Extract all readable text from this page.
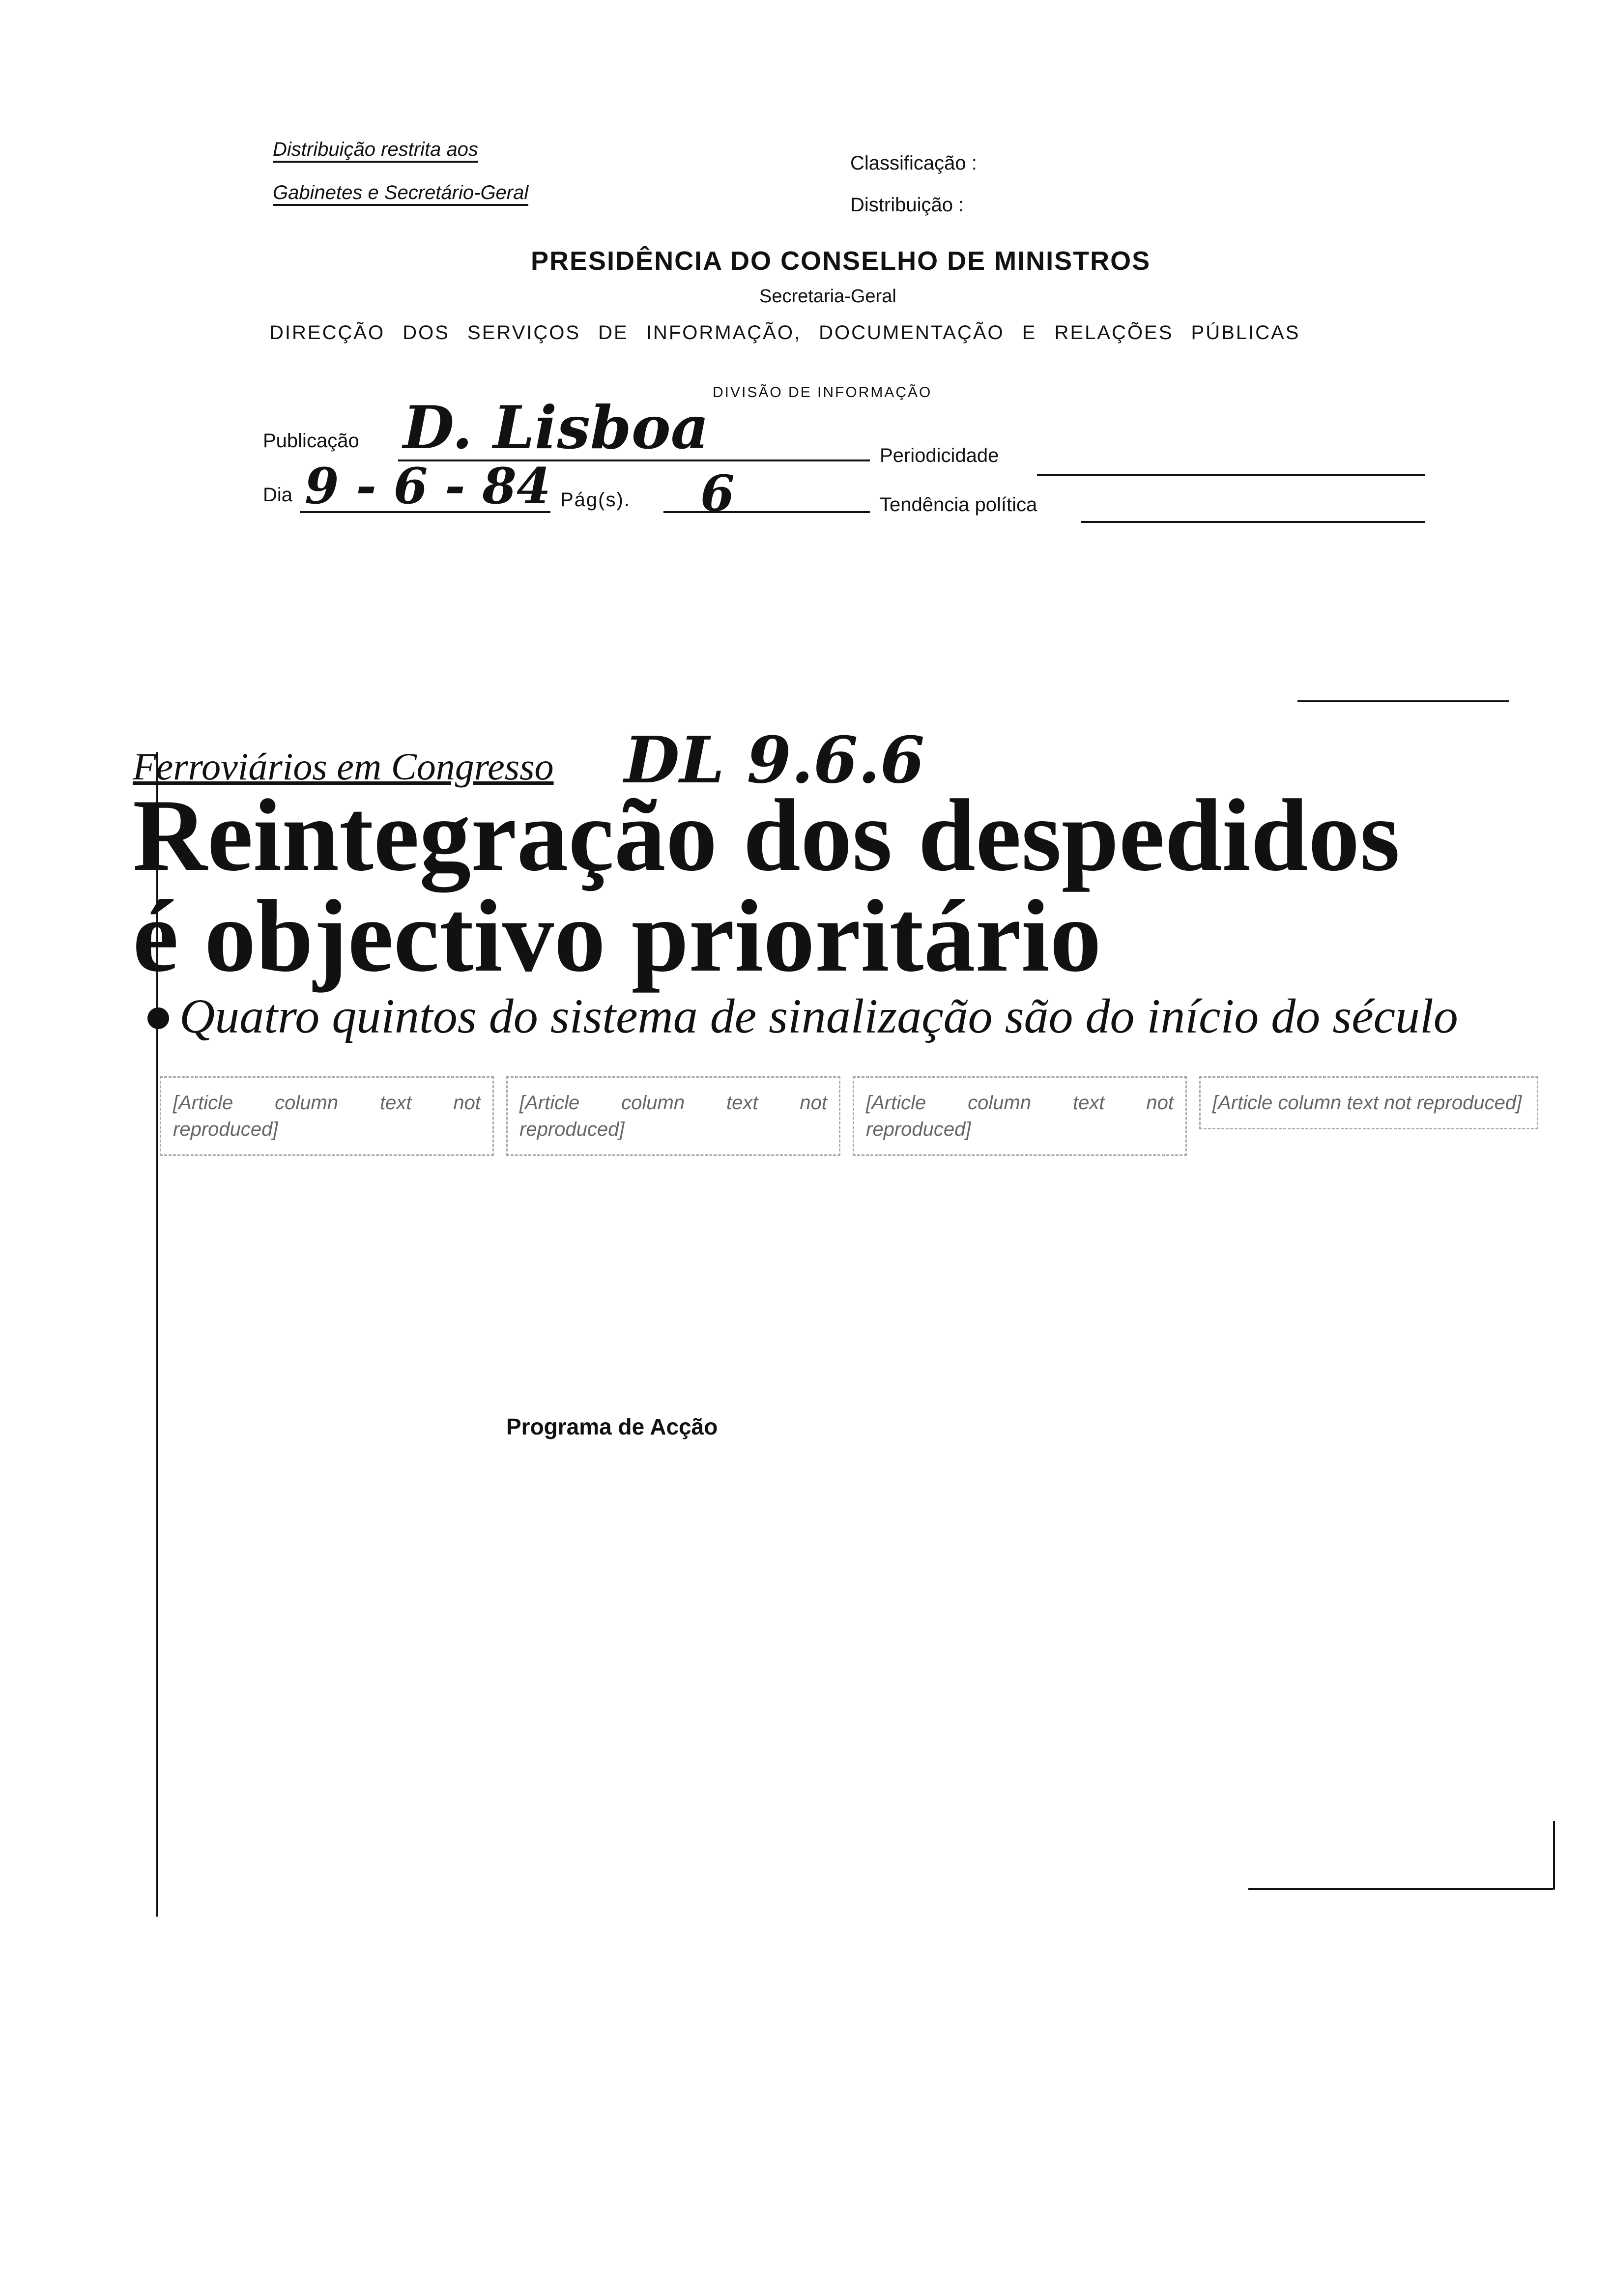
Distribuição restrita aos
Gabinetes e Secretário-Geral
Classificação :
Distribuição :
PRESIDÊNCIA DO CONSELHO DE MINISTROS
Secretaria-Geral
DIRECÇÃO DOS SERVIÇOS DE INFORMAÇÃO, DOCUMENTAÇÃO E RELAÇÕES PÚBLICAS
DIVISÃO DE INFORMAÇÃO
Publicação D. Lisboa	Periodicidade
Dia 9 - 6 - 84 Pág(s). 6	Tendência política
Ferroviários em Congresso DL 9.6.6
Reintegração dos despedidos
é objectivo prioritário
Quatro quintos do sistema de sinalização são do início do século
[Article column text not reproduced]
[Article column text not reproduced]
Programa de Acção
[Article column text not reproduced]
[Article column text not reproduced]
